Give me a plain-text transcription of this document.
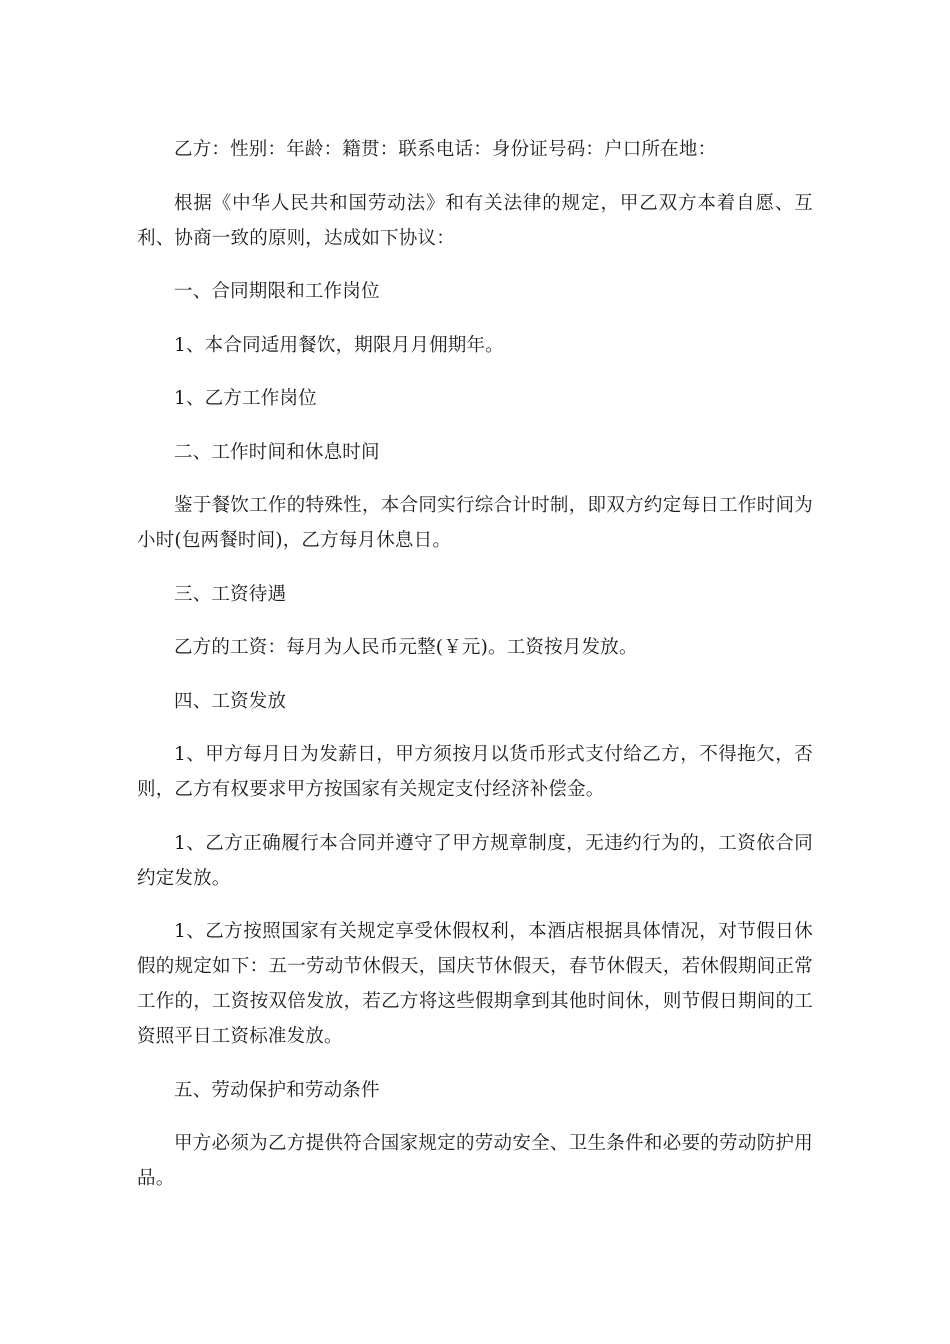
乙方：性别：年龄：籍贯：联系电话：身份证号码：户口所在地：

根据《中华人民共和国劳动法》和有关法律的规定，甲乙双方本着自愿、互利、协商一致的原则，达成如下协议：

一、合同期限和工作岗位

1、本合同适用餐饮，期限月月佣期年。

1、乙方工作岗位

二、工作时间和休息时间

鉴于餐饮工作的特殊性，本合同实行综合计时制，即双方约定每日工作时间为小时(包两餐时间)，乙方每月休息日。

三、工资待遇

乙方的工资：每月为人民币元整(￥元)。工资按月发放。

四、工资发放

1、甲方每月日为发薪日，甲方须按月以货币形式支付给乙方，不得拖欠，否则，乙方有权要求甲方按国家有关规定支付经济补偿金。

1、乙方正确履行本合同并遵守了甲方规章制度，无违约行为的，工资依合同约定发放。

1、乙方按照国家有关规定享受休假权利，本酒店根据具体情况，对节假日休假的规定如下：五一劳动节休假天，国庆节休假天，春节休假天，若休假期间正常工作的，工资按双倍发放，若乙方将这些假期拿到其他时间休，则节假日期间的工资照平日工资标准发放。

五、劳动保护和劳动条件

甲方必须为乙方提供符合国家规定的劳动安全、卫生条件和必要的劳动防护用品。
